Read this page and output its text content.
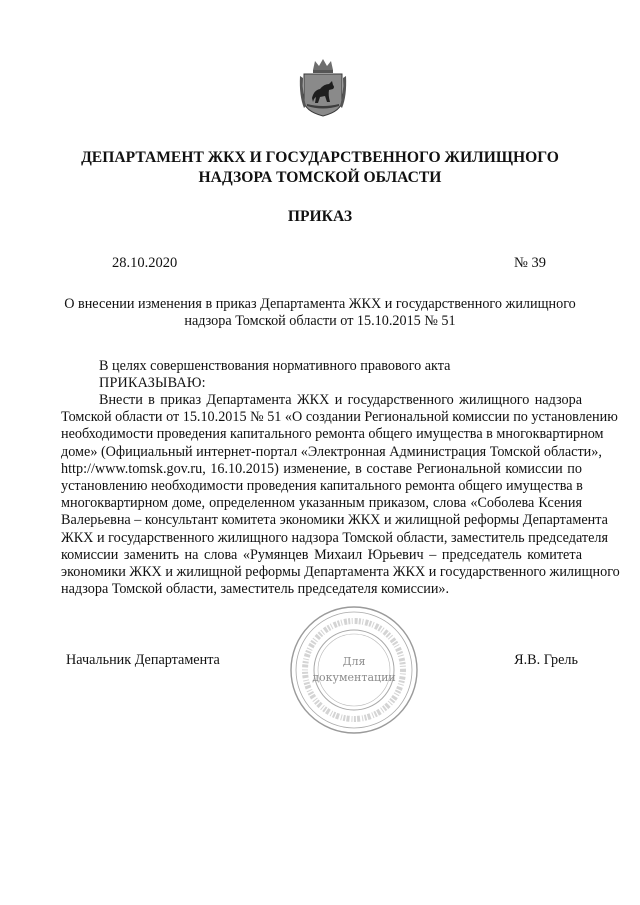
ДЕПАРТАМЕНТ ЖКХ И ГОСУДАРСТВЕННОГО ЖИЛИЩНОГО
НАДЗОРА ТОМСКОЙ ОБЛАСТИ
ПРИКАЗ
28.10.2020	№ 39
О внесении изменения в приказ Департамента ЖКХ и государственного жилищного
надзора Томской области от 15.10.2015 № 51
В целях совершенствования нормативного правового акта
ПРИКАЗЫВАЮ:
Внести в приказ Департамента ЖКХ и государственного жилищного надзора
Томской области от 15.10.2015 № 51 «О создании Региональной комиссии по установлению
необходимости проведения капитального ремонта общего имущества в многоквартирном
доме» (Официальный интернет-портал «Электронная Администрация Томской области»,
http://www.tomsk.gov.ru, 16.10.2015) изменение, в составе Региональной комиссии по
установлению необходимости проведения капитального ремонта общего имущества в
многоквартирном доме, определенном указанным приказом, слова «Соболева Ксения
Валерьевна – консультант комитета экономики ЖКХ и жилищной реформы Департамента
ЖКХ и государственного жилищного надзора Томской области, заместитель председателя
комиссии заменить на слова «Румянцев Михаил Юрьевич – председатель комитета
экономики ЖКХ и жилищной реформы Департамента ЖКХ и государственного жилищного
надзора Томской области, заместитель председателя комиссии».
Начальник Департамента	Я.В. Грель
Для
документации
